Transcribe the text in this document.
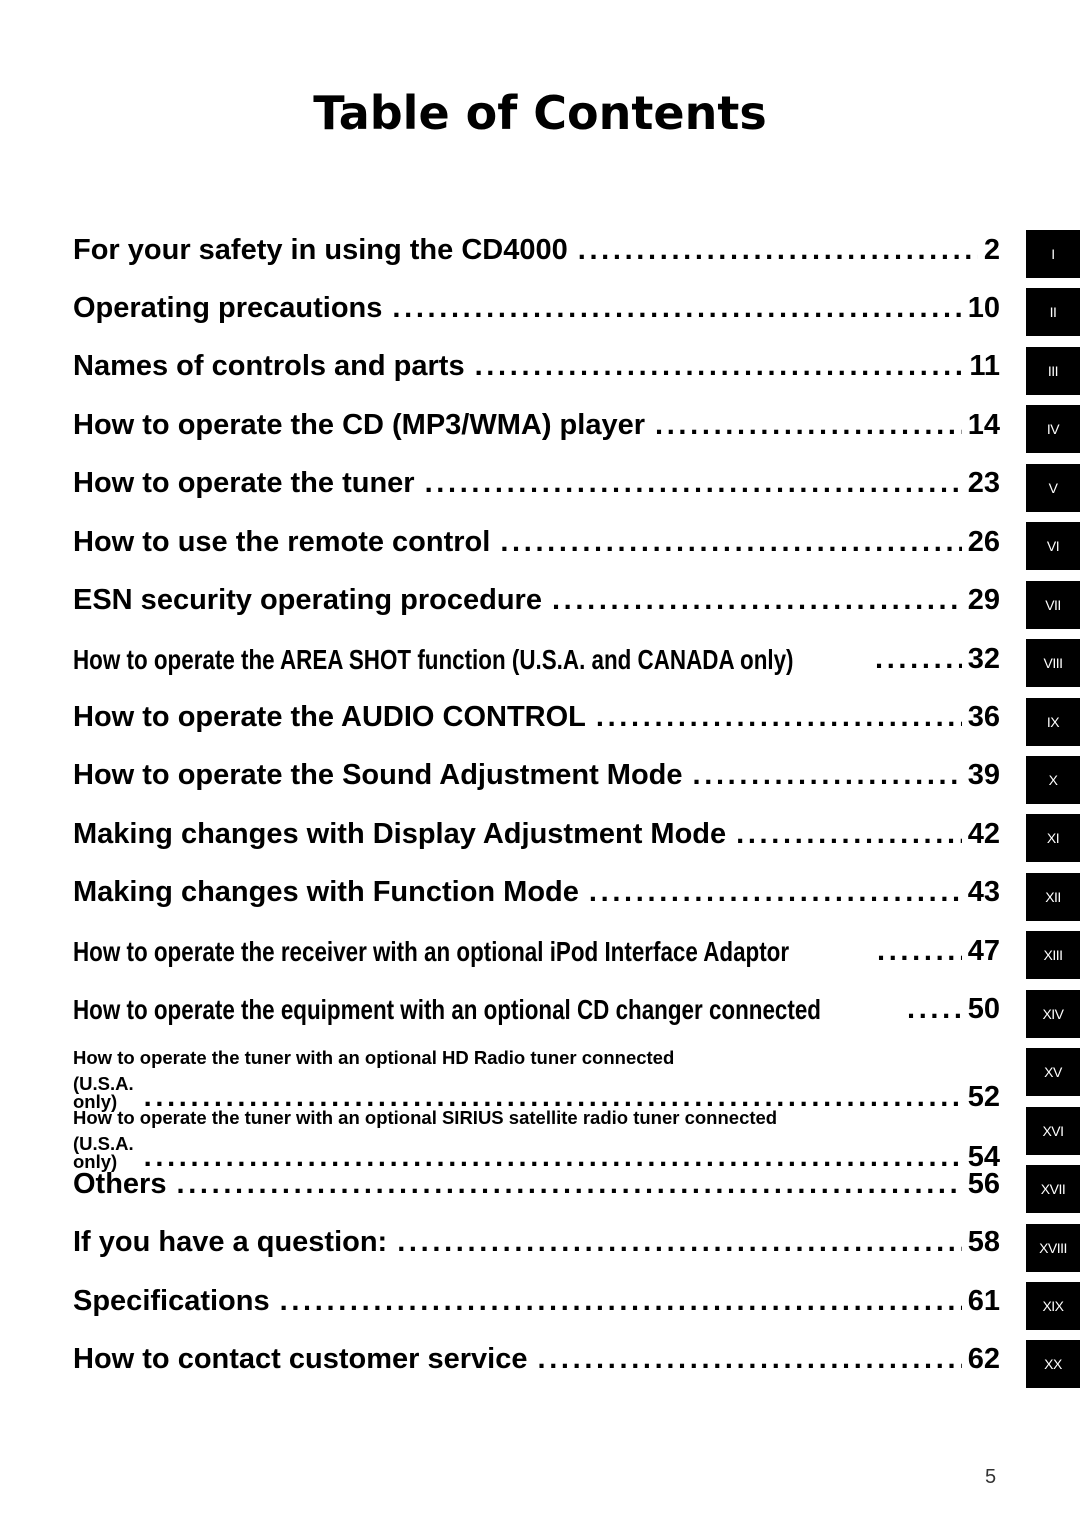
Table of Contents
For your safety in using the CD4000 . . .	2
Operating precautions . . .	10
Names of controls and parts . . .	11
How to operate the CD (MP3/WMA) player . . .	14
How to operate the tuner . . .	23
How to use the remote control . . .	26
ESN security operating procedure . . .	29
How to operate the AREA SHOT function (U.S.A. and CANADA only) . . .	32
How to operate the AUDIO CONTROL . . .	36
How to operate the Sound Adjustment Mode . . .	39
Making changes with Display Adjustment Mode . . .	42
Making changes with Function Mode . . .	43
How to operate the receiver with an optional iPod Interface Adaptor . . .	47
How to operate the equipment with an optional CD changer connected . . .	50
How to operate the tuner with an optional HD Radio tuner connected
(U.S.A. only) . . .	52
How to operate the tuner with an optional SIRIUS satellite radio tuner connected
(U.S.A. only) . . .	54
Others . . .	56
If you have a question: . . .	58
Specifications . . .	61
How to contact customer service . . .	62
I
II
III
IV
V
VI
VII
VIII
IX
X
XI
XII
XIII
XIV
XV
XVI
XVII
XVIII
XIX
XX
5
